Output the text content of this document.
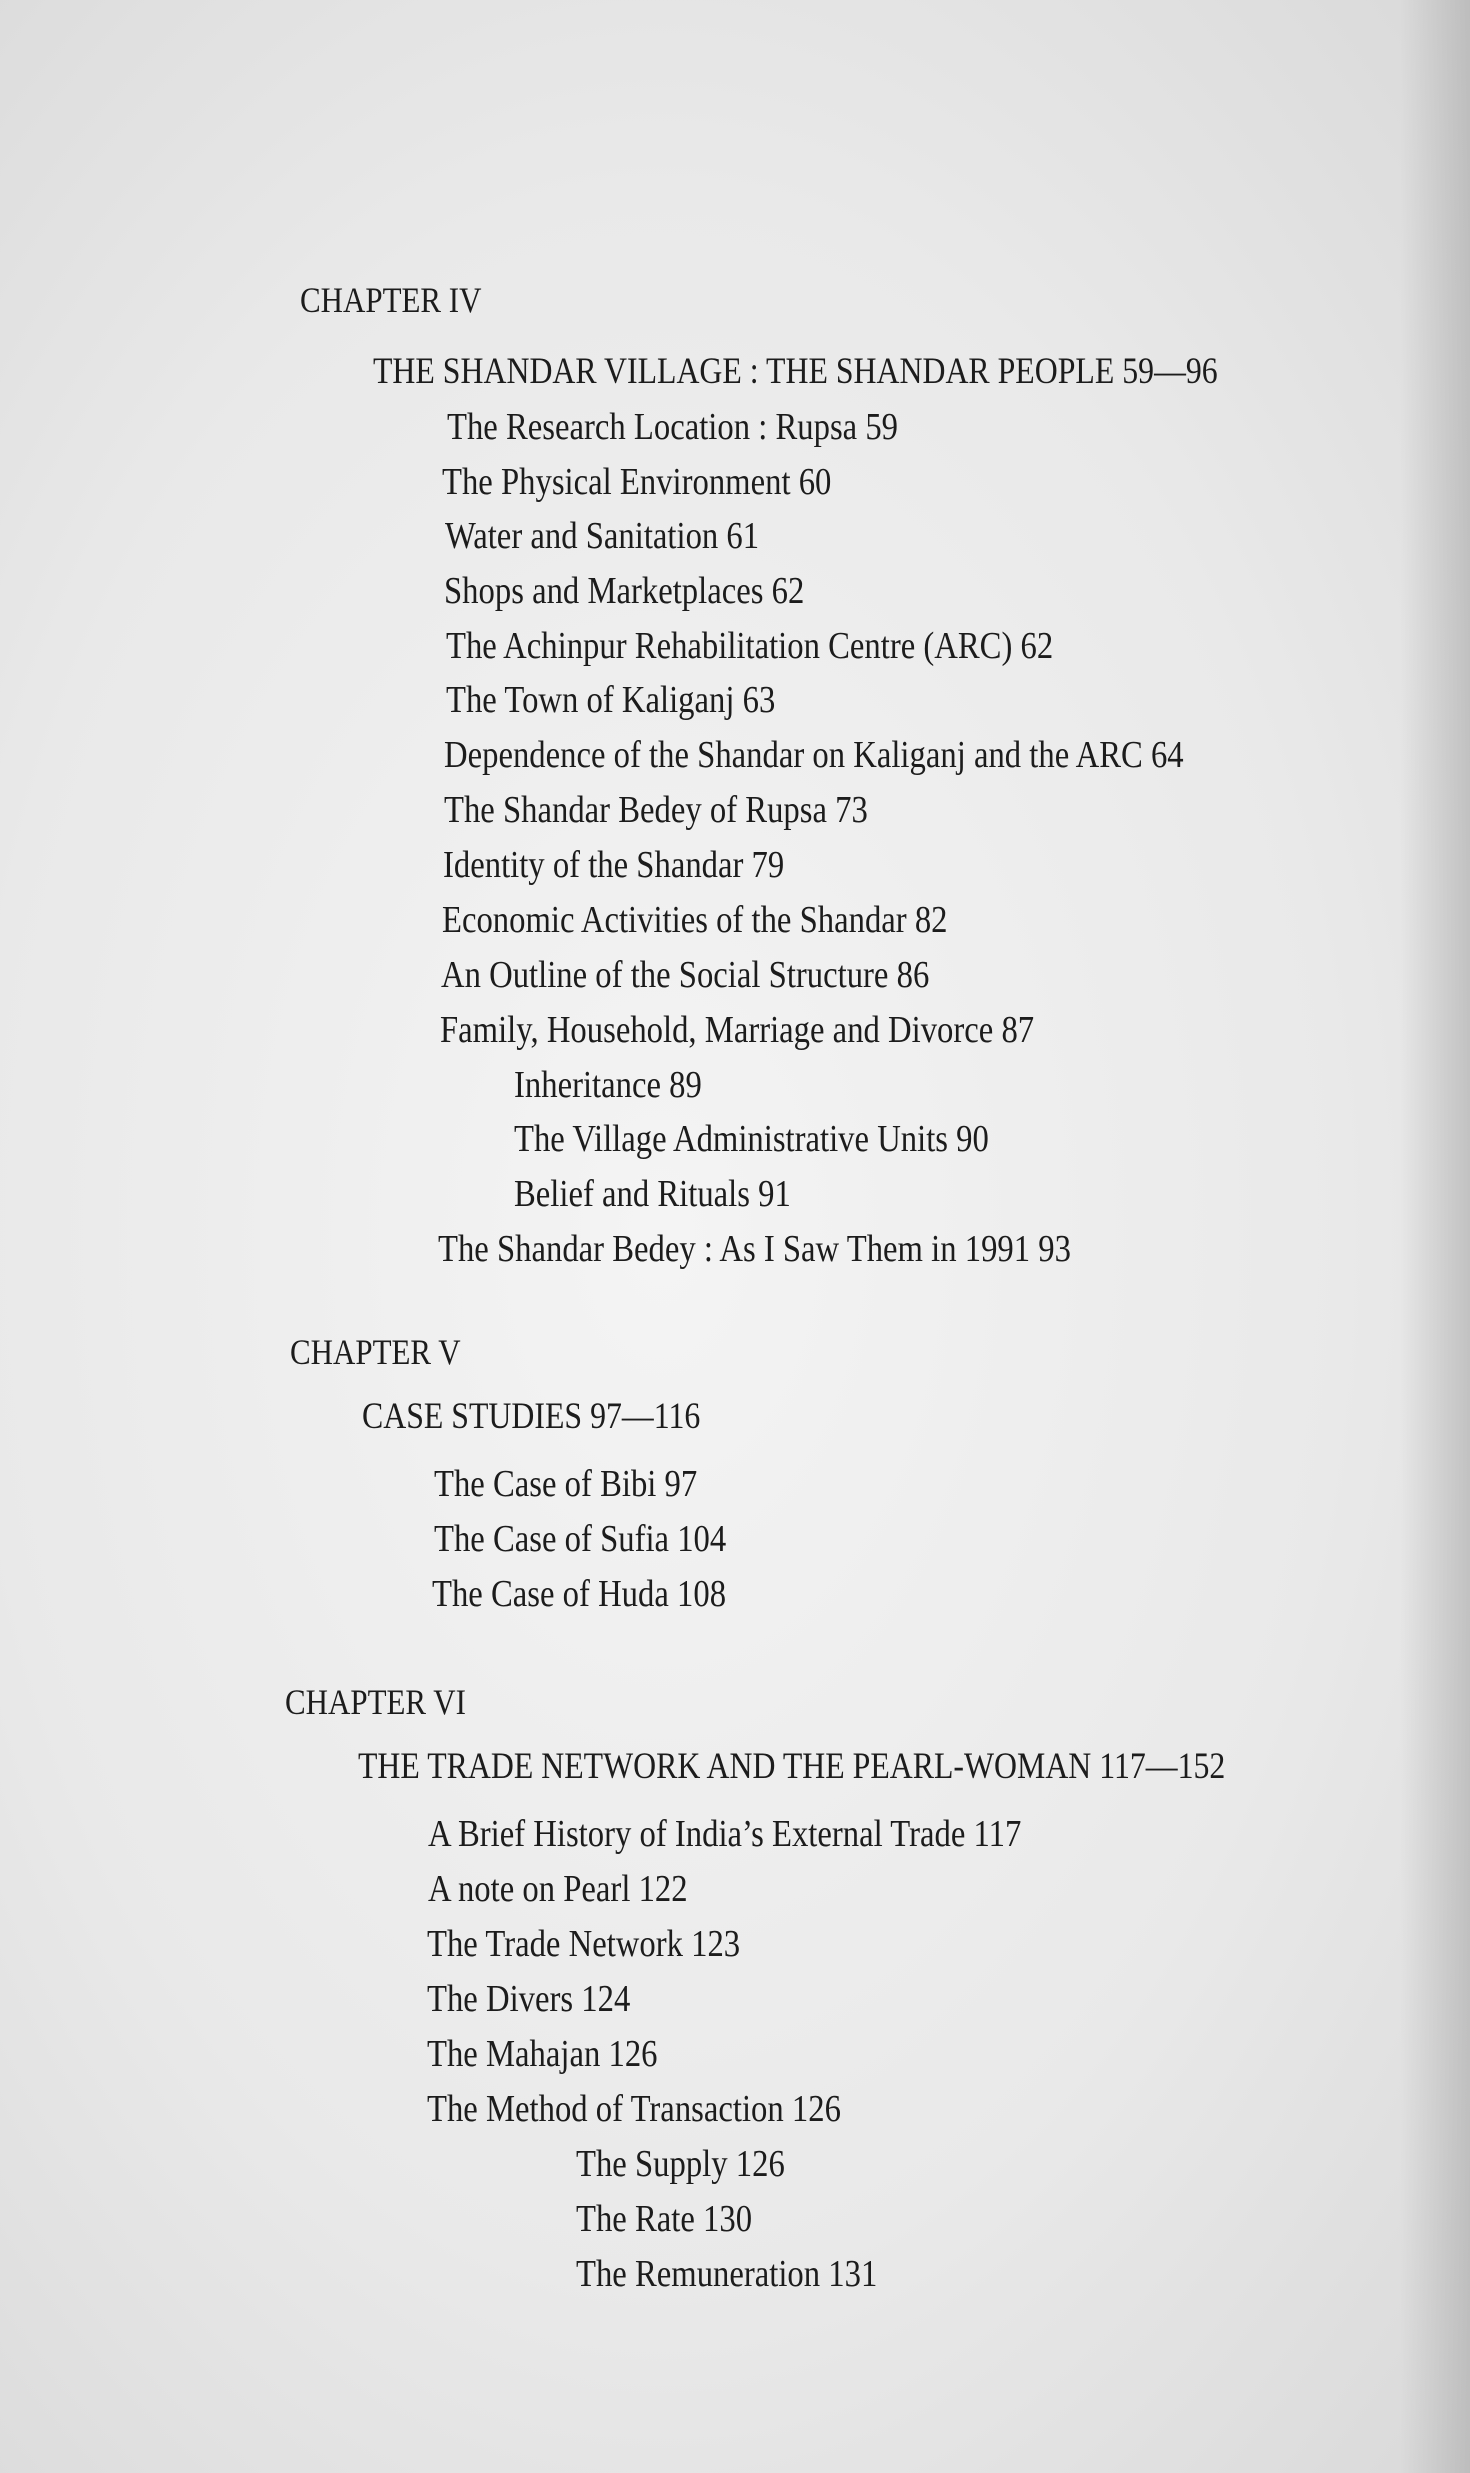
CHAPTER IV
THE SHANDAR VILLAGE : THE SHANDAR PEOPLE 59—96
The Research Location : Rupsa 59
The Physical Environment 60
Water and Sanitation 61
Shops and Marketplaces 62
The Achinpur Rehabilitation Centre (ARC) 62
The Town of Kaliganj 63
Dependence of the Shandar on Kaliganj and the ARC 64
The Shandar Bedey of Rupsa 73
Identity of the Shandar 79
Economic Activities of the Shandar 82
An Outline of the Social Structure 86
Family, Household, Marriage and Divorce 87
Inheritance 89
The Village Administrative Units 90
Belief and Rituals 91
The Shandar Bedey : As I Saw Them in 1991 93
CHAPTER V
CASE STUDIES 97—116
The Case of Bibi 97
The Case of Sufia 104
The Case of Huda 108
CHAPTER VI
THE TRADE NETWORK AND THE PEARL-WOMAN 117—152
A Brief History of India’s External Trade 117
A note on Pearl 122
The Trade Network 123
The Divers 124
The Mahajan 126
The Method of Transaction 126
The Supply 126
The Rate 130
The Remuneration 131
